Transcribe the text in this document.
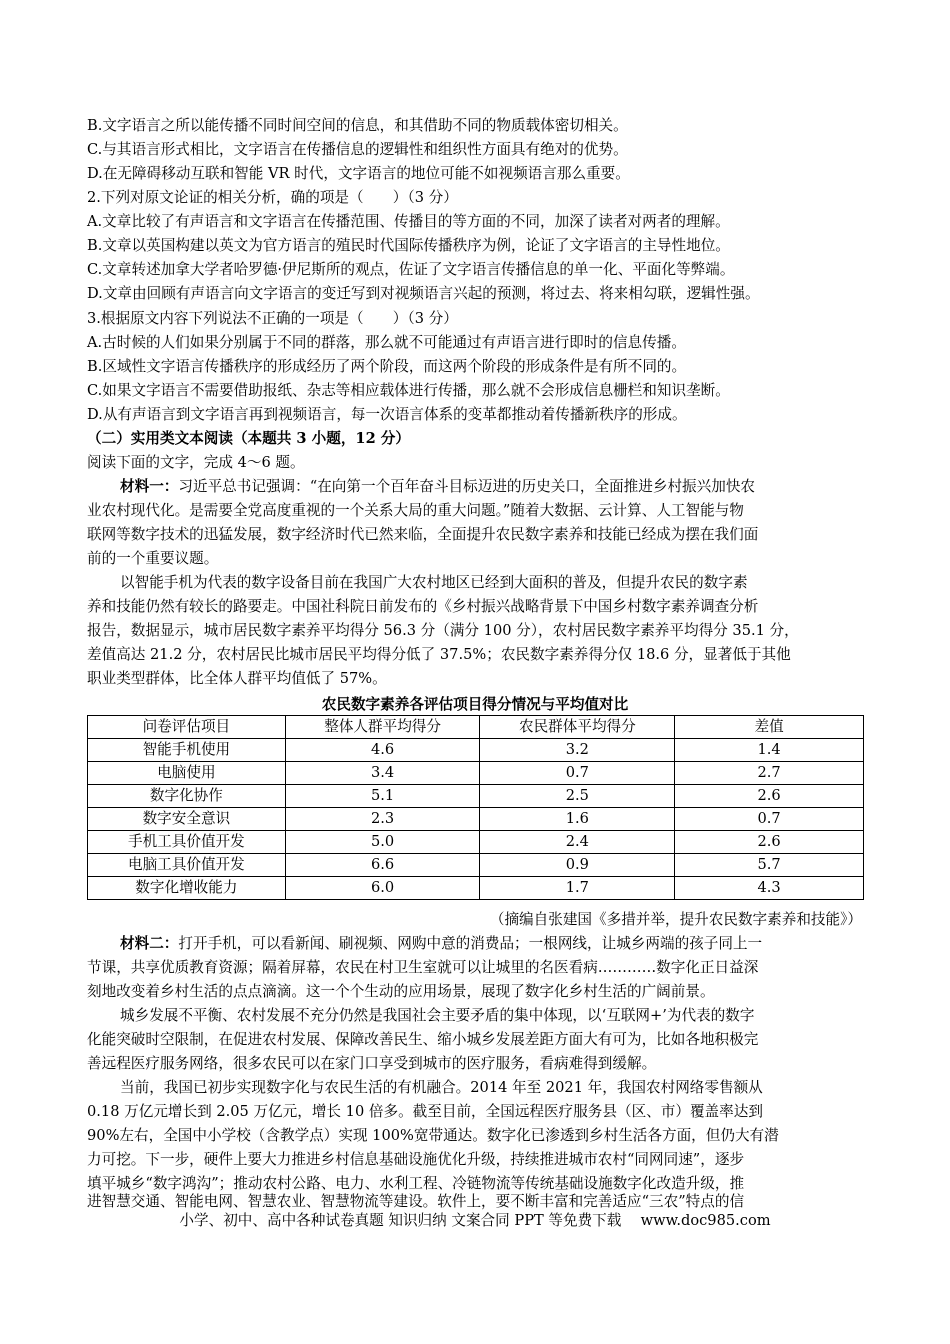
B.文字语言之所以能传播不同时间空间的信息，和其借助不同的物质载体密切相关。
C.与其语言形式相比，文字语言在传播信息的逻辑性和组织性方面具有绝对的优势。
D.在无障碍移动互联和智能 VR 时代，文字语言的地位可能不如视频语言那么重要。
2.下列对原文论证的相关分析，确的项是（　　）（3 分）
A.文章比较了有声语言和文字语言在传播范围、传播目的等方面的不同，加深了读者对两者的理解。
B.文章以英国构建以英文为官方语言的殖民时代国际传播秩序为例，论证了文字语言的主导性地位。
C.文章转述加拿大学者哈罗德·伊尼斯所的观点，佐证了文字语言传播信息的单一化、平面化等弊端。
D.文章由回顾有声语言向文字语言的变迁写到对视频语言兴起的预测，将过去、将来相勾联，逻辑性强。
3.根据原文内容下列说法不正确的一项是（　　）（3 分）
A.古时候的人们如果分别属于不同的群落，那么就不可能通过有声语言进行即时的信息传播。
B.区域性文字语言传播秩序的形成经历了两个阶段，而这两个阶段的形成条件是有所不同的。
C.如果文字语言不需要借助报纸、杂志等相应载体进行传播，那么就不会形成信息栅栏和知识垄断。
D.从有声语言到文字语言再到视频语言，每一次语言体系的变革都推动着传播新秩序的形成。
（二）实用类文本阅读（本题共 3 小题，12 分）
阅读下面的文字，完成 4～6 题。
材料一：习近平总书记强调：“在向第一个百年奋斗目标迈进的历史关口，全面推进乡村振兴加快农
业农村现代化。是需要全党高度重视的一个关系大局的重大问题。”随着大数据、云计算、人工智能与物
联网等数字技术的迅猛发展，数字经济时代已然来临，全面提升农民数字素养和技能已经成为摆在我们面
前的一个重要议题。
以智能手机为代表的数字设备目前在我国广大农村地区已经到大面积的普及，但提升农民的数字素
养和技能仍然有较长的路要走。中国社科院日前发布的《乡村振兴战略背景下中国乡村数字素养调查分析
报告，数据显示，城市居民数字素养平均得分 56.3 分（满分 100 分），农村居民数字素养平均得分 35.1 分，
差值高达 21.2 分，农村居民比城市居民平均得分低了 37.5%；农民数字素养得分仅 18.6 分，显著低于其他
职业类型群体，比全体人群平均值低了 57%。
农民数字素养各评估项目得分情况与平均值对比
问卷评估项目	整体人群平均得分	农民群体平均得分	差值
智能手机使用	4.6	3.2	1.4
电脑使用	3.4	0.7	2.7
数字化协作	5.1	2.5	2.6
数字安全意识	2.3	1.6	0.7
手机工具价值开发	5.0	2.4	2.6
电脑工具价值开发	6.6	0.9	5.7
数字化增收能力	6.0	1.7	4.3
（摘编自张建国《多措并举，提升农民数字素养和技能》）
材料二：打开手机，可以看新闻、刷视频、网购中意的消费品；一根网线，让城乡两端的孩子同上一
节课，共享优质教育资源；隔着屏幕，农民在村卫生室就可以让城里的名医看病…………数字化正日益深
刻地改变着乡村生活的点点滴滴。这一个个生动的应用场景，展现了数字化乡村生活的广阔前景。
城乡发展不平衡、农村发展不充分仍然是我国社会主要矛盾的集中体现，以‘互联网+’为代表的数字
化能突破时空限制，在促进农村发展、保障改善民生、缩小城乡发展差距方面大有可为，比如各地积极完
善远程医疗服务网络，很多农民可以在家门口享受到城市的医疗服务，看病难得到缓解。
当前，我国已初步实现数字化与农民生活的有机融合。2014 年至 2021 年，我国农村网络零售额从
0.18 万亿元增长到 2.05 万亿元，增长 10 倍多。截至目前，全国远程医疗服务县（区、市）覆盖率达到
90%左右，全国中小学校（含教学点）实现 100%宽带通达。数字化已渗透到乡村生活各方面，但仍大有潜
力可挖。下一步，硬件上要大力推进乡村信息基础设施优化升级，持续推进城市农村“同网同速”，逐步
填平城乡“数字鸿沟”；推动农村公路、电力、水利工程、冷链物流等传统基础设施数字化改造升级，推
进智慧交通、智能电网、智慧农业、智慧物流等建设。软件上，要不断丰富和完善适应“三农”特点的信
小学、初中、高中各种试卷真题 知识归纳 文案合同 PPT 等免费下载　 www.doc985.com
